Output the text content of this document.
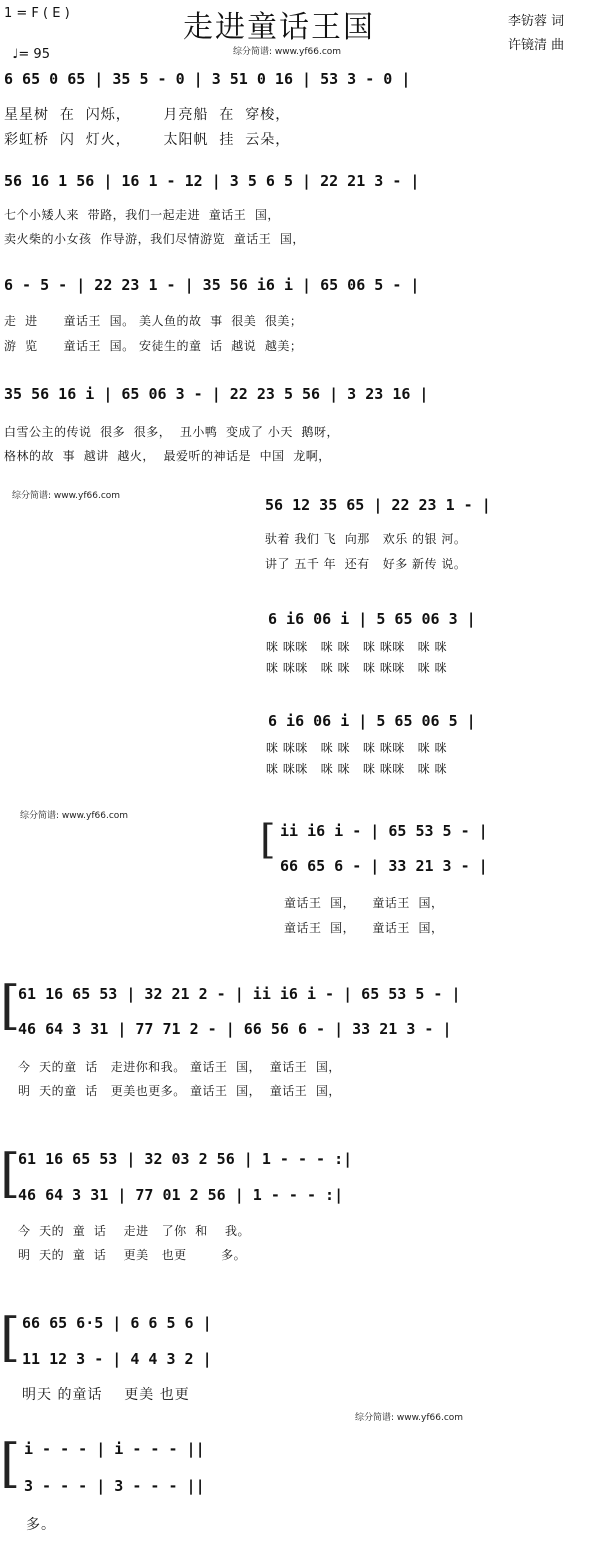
1 = F ( E )

♩= 95

走进童话王国	李钫蓉 词
许镜清 曲
综分简谱: www.yf66.com
6 65 0 65 | 35 5 - 0 | 3 51 0 16 | 53 3 - 0 |
星星树  在  闪烁，      月亮船  在  穿梭，
彩虹桥  闪  灯火，      太阳帆  挂  云朵，
56 16 1 56 | 16 1 - 12 | 3 5 6 5 | 22 21 3 - |
七个小矮人来  带路，我们一起走进  童话王  国，
卖火柴的小女孩  作导游，我们尽情游览  童话王  国，
6 - 5 - | 22 23 1 - | 35 56 i6 i | 65 06 5 - |
走  进      童话王  国。 美人鱼的故  事  很美  很美；
游  览      童话王  国。 安徒生的童  话  越说  越美；
35 56 16 i | 65 06 3 - | 22 23 5 56 | 3 23 16 |
白雪公主的传说  很多  很多，  丑小鸭  变成了 小天  鹅呀，
格林的故  事  越讲  越火，  最爱听的神话是  中国  龙啊，
综分简谱: www.yf66.com	56 12 35 65 | 22 23 1 - |
驮着 我们 飞  向那   欢乐 的银 河。
讲了 五千 年  还有   好多 新传 说。
6 i6 06 i | 5 65 06 3 |
咪 咪咪   咪 咪   咪 咪咪   咪 咪
咪 咪咪   咪 咪   咪 咪咪   咪 咪
6 i6 06 i | 5 65 06 5 |
咪 咪咪   咪 咪   咪 咪咪   咪 咪
咪 咪咪   咪 咪   咪 咪咪   咪 咪
综分简谱: www.yf66.com
[ ii i6 i - | 65 53 5 - |
66 65 6 - | 33 21 3 - |
童话王  国，    童话王  国，
童话王  国，    童话王  国，
[
61 16 65 53 | 32 21 2 - | ii i6 i - | 65 53 5 - |
46 64 3 31 | 77 71 2 - | 66 56 6 - | 33 21 3 - |
今  天的童  话   走进你和我。 童话王  国，  童话王  国，
明  天的童  话   更美也更多。 童话王  国，  童话王  国，
[
61 16 65 53 | 32 03 2 56 | 1 - - - :|
46 64 3 31 | 77 01 2 56 | 1 - - - :|
今  天的  童  话    走进   了你  和    我。
明  天的  童  话    更美   也更        多。
[ 66 65 6·5 | 6 6 5 6 |
11 12 3 - | 4 4 3 2 |
明天 的童话    更美 也更
综分简谱: www.yf66.com
[ i - - - | i - - - ||
3 - - - | 3 - - - ||
多。
